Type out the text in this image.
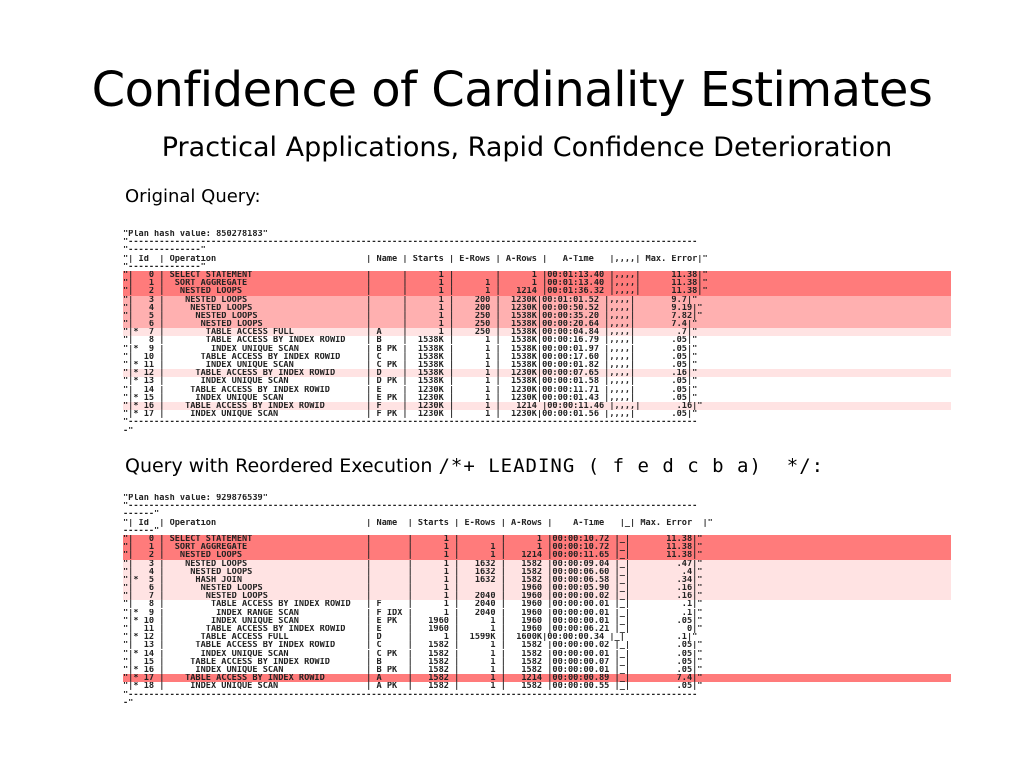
Confidence of Cardinality Estimates
Practical Applications, Rapid Confidence Deterioration
Original Query:
Query with Reordered Execution /*+ LEADING ( f e d c b a)  */:
"Plan hash value: 850278183"
"--------------------------------------------------------------------------------------------------------------
"--------------"
"| Id  | Operation                             | Name | Starts | E-Rows | A-Rows |   A-Time   |,,,,| Max. Error|"
"--------------"
"|   0 | SELECT STATEMENT                      |      |      1 |        |      1 |00:01:13.40 |,,,,|      11.38|"
"|   1 |  SORT AGGREGATE                       |      |      1 |      1 |      1 |00:01:13.40 |,,,,|      11.38|"
"|   2 |   NESTED LOOPS                        |      |      1 |      1 |   1214 |00:01:36.32 |,,,,|      11.38|"
"|   3 |    NESTED LOOPS                       |      |      1 |    200 |  1230K|00:01:01.52 |,,,,|       9.7|"
"|   4 |     NESTED LOOPS                      |      |      1 |    200 |  1230K|00:00:50.52 |,,,,|       9.19|"
"|   5 |      NESTED LOOPS                     |      |      1 |    250 |  1538K|00:00:35.20 |,,,,|       7.82|"
"|   6 |       NESTED LOOPS                    |      |      1 |    250 |  1538K|00:00:20.64 |,,,,|       7.4|"
"|*  7 |        TABLE ACCESS FULL              | A    |      1 |    250 |  1538K|00:00:04.84 |,,,,|        .7|"
"|   8 |        TABLE ACCESS BY INDEX ROWID    | B    |  1538K |      1 |  1538K|00:00:16.79 |,,,,|       .05|"
"|*  9 |         INDEX UNIQUE SCAN             | B PK |  1538K |      1 |  1538K|00:00:01.97 |,,,,|       .05|"
"|  10 |       TABLE ACCESS BY INDEX ROWID     | C    |  1538K |      1 |  1538K|00:00:17.60 |,,,,|       .05|"
"|* 11 |        INDEX UNIQUE SCAN              | C PK |  1538K |      1 |  1538K|00:00:01.82 |,,,,|       .05|"
"|* 12 |      TABLE ACCESS BY INDEX ROWID      | D    |  1538K |      1 |  1230K|00:00:07.65 |,,,,|       .16|"
"|* 13 |       INDEX UNIQUE SCAN               | D PK |  1538K |      1 |  1538K|00:00:01.58 |,,,,|       .05|"
"|  14 |     TABLE ACCESS BY INDEX ROWID       | E    |  1230K |      1 |  1230K|00:00:11.71 |,,,,|       .05|"
"|* 15 |      INDEX UNIQUE SCAN                | E PK |  1230K |      1 |  1230K|00:00:01.43 |,,,,|       .05|"
"|* 16 |    TABLE ACCESS BY INDEX ROWID        | F    |  1230K |      1 |   1214 |00:00:11.46 |,,,,|       .16|"
"|* 17 |     INDEX UNIQUE SCAN                 | F PK |  1230K |      1 |  1230K|00:00:01.56 |,,,,|       .05|"
"--------------------------------------------------------------------------------------------------------------
-"
"Plan hash value: 929876539"
"--------------------------------------------------------------------------------------------------------------
------"
"| Id  | Operation                             | Name  | Starts | E-Rows | A-Rows |    A-Time   |_| Max. Error  |"
------"
"|   0 | SELECT STATEMENT                      |       |      1 |        |      1 |00:00:10.72 |_|       11.38|"
"|   1 |  SORT AGGREGATE                       |       |      1 |      1 |      1 |00:00:10.72 |_|       11.38|"
"|   2 |   NESTED LOOPS                        |       |      1 |      1 |   1214 |00:00:11.65 |_|       11.38|"
"|   3 |    NESTED LOOPS                       |       |      1 |   1632 |   1582 |00:00:09.04 |_|         .47|"
"|   4 |     NESTED LOOPS                      |       |      1 |   1632 |   1582 |00:00:06.60 |_|          .4|"
"|*  5 |      HASH JOIN                        |       |      1 |   1632 |   1582 |00:00:06.58 |_|         .34|"
"|   6 |       NESTED LOOPS                    |       |      1 |        |   1960 |00:00:05.90 |_|         .16|"
"|   7 |        NESTED LOOPS                   |       |      1 |   2040 |   1960 |00:00:00.02 |_|         .16|"
"|   8 |         TABLE ACCESS BY INDEX ROWID   | F     |      1 |   2040 |   1960 |00:00:00.01 |_|          .1|"
"|*  9 |          INDEX RANGE SCAN             | F IDX |      1 |   2040 |   1960 |00:00:00.01 |_|          .1|"
"|* 10 |         INDEX UNIQUE SCAN             | E PK  |   1960 |      1 |   1960 |00:00:00.01 |_|         .05|"
"|  11 |        TABLE ACCESS BY INDEX ROWID    | E     |   1960 |      1 |   1960 |00:00:06.21 |_|           0|"
"|* 12 |       TABLE ACCESS FULL               | D     |      1 |  1599K |  1600K|00:00:00.34 |_|          .1|"
"|  13 |      TABLE ACCESS BY INDEX ROWID      | C     |   1582 |      1 |   1582 |00:00:00.02 |_|         .05|"
"|* 14 |       INDEX UNIQUE SCAN               | C PK  |   1582 |      1 |   1582 |00:00:00.01 |_|         .05|"
"|  15 |     TABLE ACCESS BY INDEX ROWID       | B     |   1582 |      1 |   1582 |00:00:00.07 |_|         .05|"
"|* 16 |      INDEX UNIQUE SCAN                | B PK  |   1582 |      1 |   1582 |00:00:00.01 |_|         .05|"
"|* 17 |    TABLE ACCESS BY INDEX ROWID        | A     |   1582 |      1 |   1214 |00:00:00.89 |_|         7.4|"
"|* 18 |     INDEX UNIQUE SCAN                 | A PK  |   1582 |      1 |   1582 |00:00:00.55 |_|         .05|"
"--------------------------------------------------------------------------------------------------------------
-"
